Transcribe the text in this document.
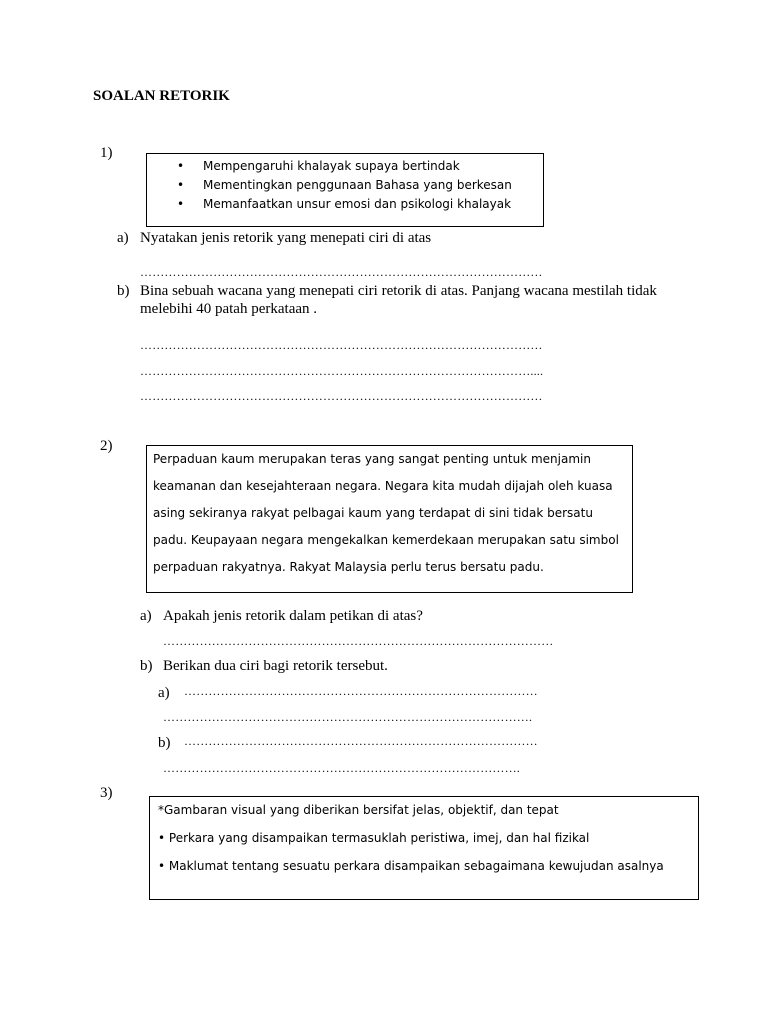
SOALAN RETORIK
1)
• Mempengaruhi khalayak supaya bertindak
• Mementingkan penggunaan Bahasa yang berkesan
• Memanfaatkan unsur emosi dan psikologi khalayak
a) Nyatakan jenis retorik yang menepati ciri di atas
………………………………………………………………………………………
b) Bina sebuah wacana yang menepati ciri retorik di atas. Panjang wacana mestilah tidak
melebihi 40 patah perkataan .
………………………………………………………………………………………
……………………………………………………………………………………....
………………………………………………………………………………………
2)
Perpaduan kaum merupakan teras yang sangat penting untuk menjamin
keamanan dan kesejahteraan negara. Negara kita mudah dijajah oleh kuasa
asing sekiranya rakyat pelbagai kaum yang terdapat di sini tidak bersatu
padu. Keupayaan negara mengekalkan kemerdekaan merupakan satu simbol
perpaduan rakyatnya. Rakyat Malaysia perlu terus bersatu padu.
a) Apakah jenis retorik dalam petikan di atas?
……………………………………………………………………………………
b) Berikan dua ciri bagi retorik tersebut.
a) ……………………………………………………………………………
……………………………………………………………………………….
b) ……………………………………………………………………………
…………………………………………………………………………….
3)
*Gambaran visual yang diberikan bersifat jelas, objektif, dan tepat
• Perkara yang disampaikan termasuklah peristiwa, imej, dan hal fizikal
• Maklumat tentang sesuatu perkara disampaikan sebagaimana kewujudan asalnya
